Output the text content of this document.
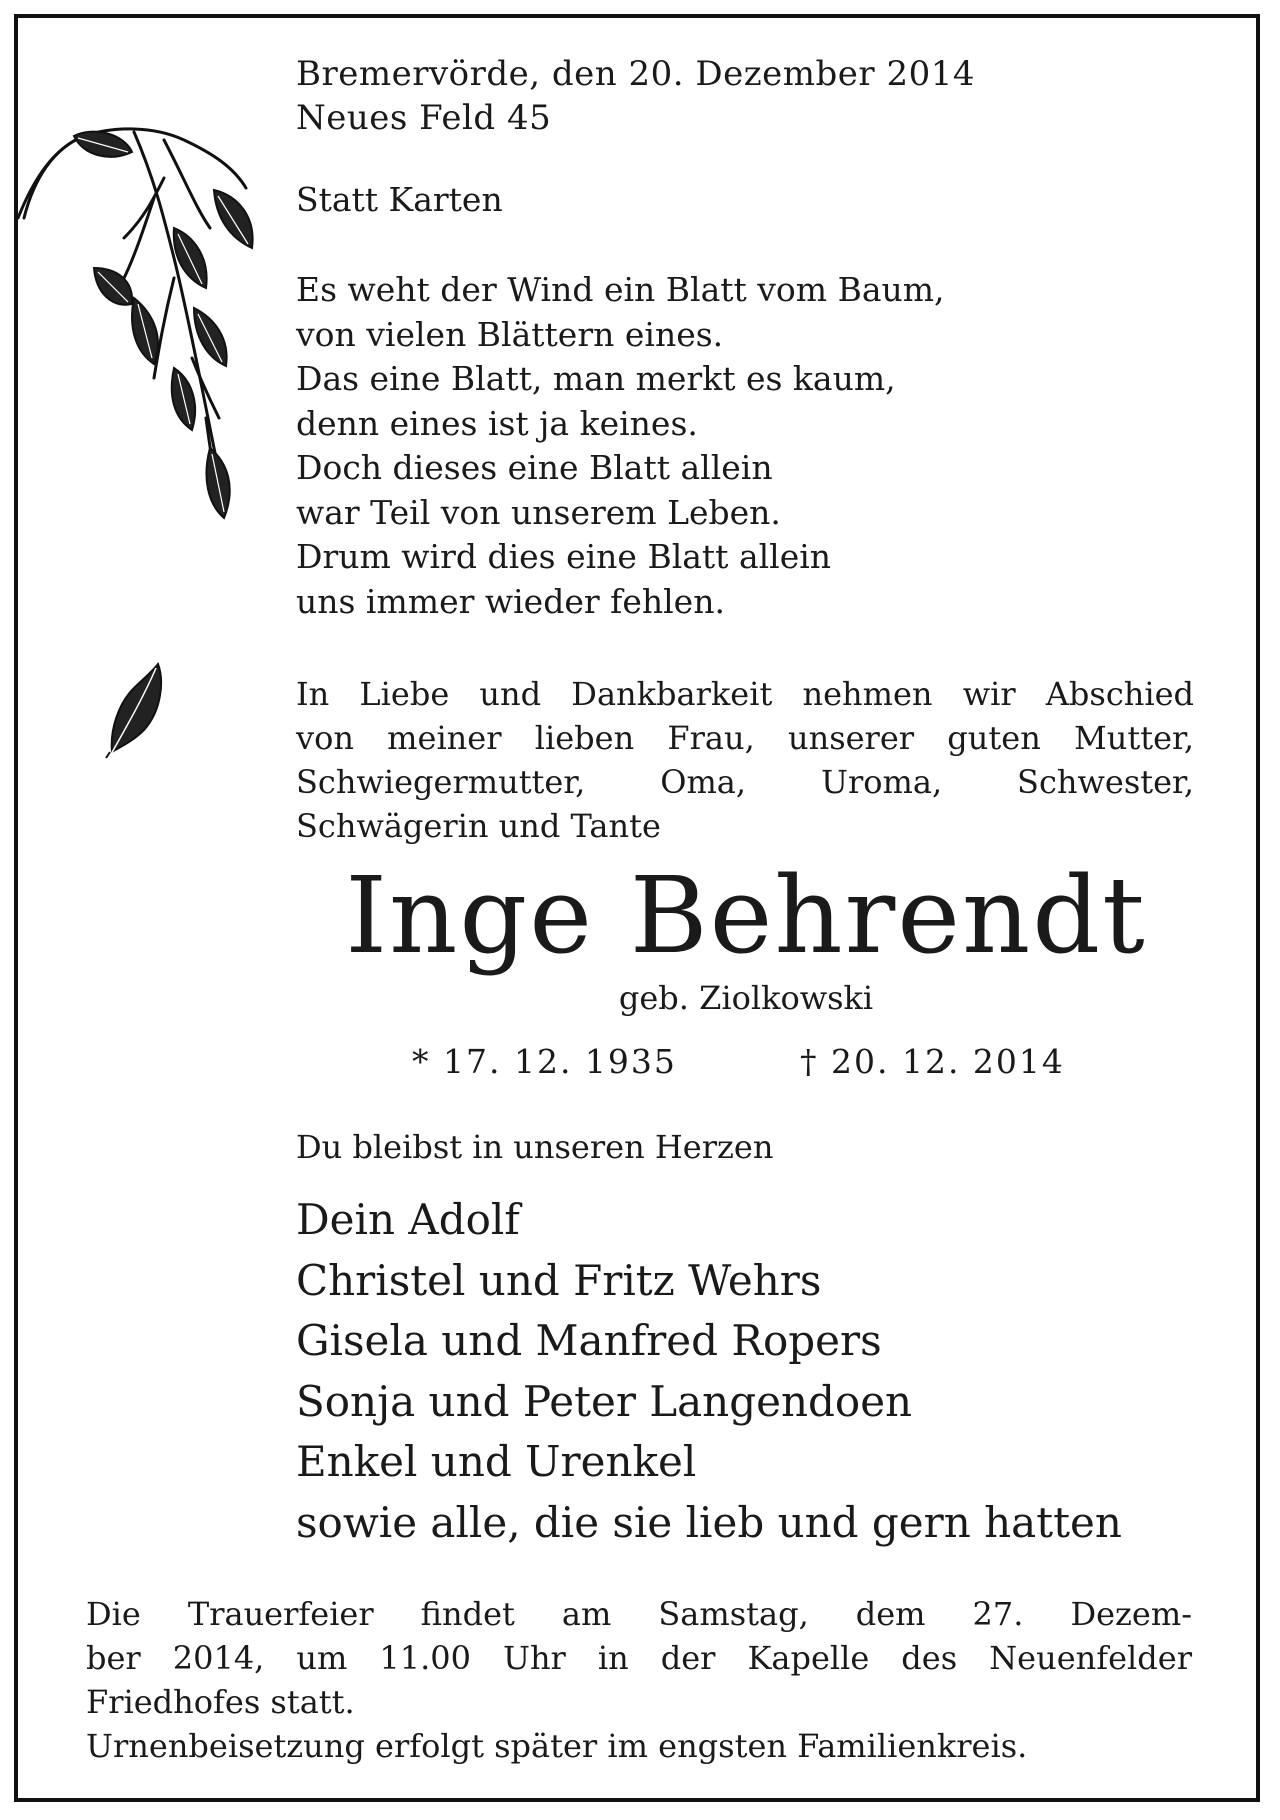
Bremervörde, den 20. Dezember 2014
Neues Feld 45
Statt Karten
Es weht der Wind ein Blatt vom Baum,
von vielen Blättern eines.
Das eine Blatt, man merkt es kaum,
denn eines ist ja keines.
Doch dieses eine Blatt allein
war Teil von unserem Leben.
Drum wird dies eine Blatt allein
uns immer wieder fehlen.
In Liebe und Dankbarkeit nehmen wir Abschied
von meiner lieben Frau, unserer guten Mutter,
Schwiegermutter, Oma, Uroma, Schwester,
Schwägerin und Tante
Inge Behrendt
geb. Ziolkowski
* 17. 12. 1935	† 20. 12. 2014
Du bleibst in unseren Herzen
Dein Adolf
Christel und Fritz Wehrs
Gisela und Manfred Ropers
Sonja und Peter Langendoen
Enkel und Urenkel
sowie alle, die sie lieb und gern hatten
Die Trauerfeier findet am Samstag, dem 27. Dezem-
ber 2014, um 11.00 Uhr in der Kapelle des Neuenfelder
Friedhofes statt.
Urnenbeisetzung erfolgt später im engsten Familienkreis.
